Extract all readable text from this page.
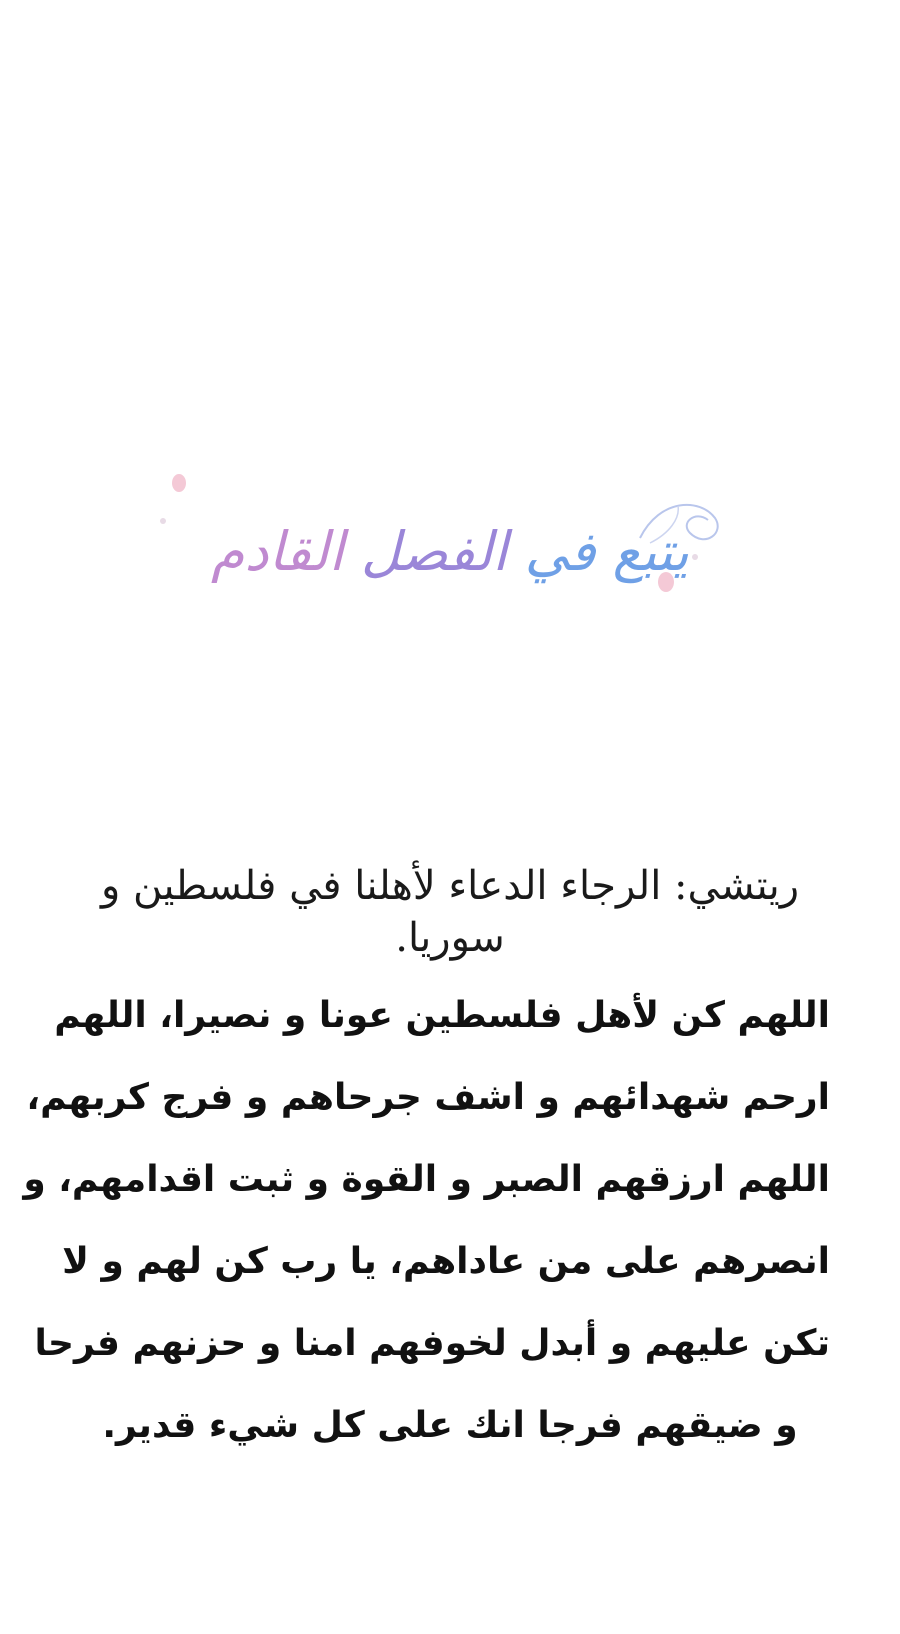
يتبع في الفصل القادم
ريتشي: الرجاء الدعاء لأهلنا في فلسطين و سوريا.
اللهم كن لأهل فلسطين عونا و نصيرا، اللهم
ارحم شهدائهم و اشف جرحاهم و فرج كربهم،
اللهم ارزقهم الصبر و القوة و ثبت اقدامهم، و
انصرهم على من عاداهم، يا رب كن لهم و لا
تكن عليهم و أبدل لخوفهم امنا و حزنهم فرحا
و ضيقهم فرجا انك على كل شيء قدير.
